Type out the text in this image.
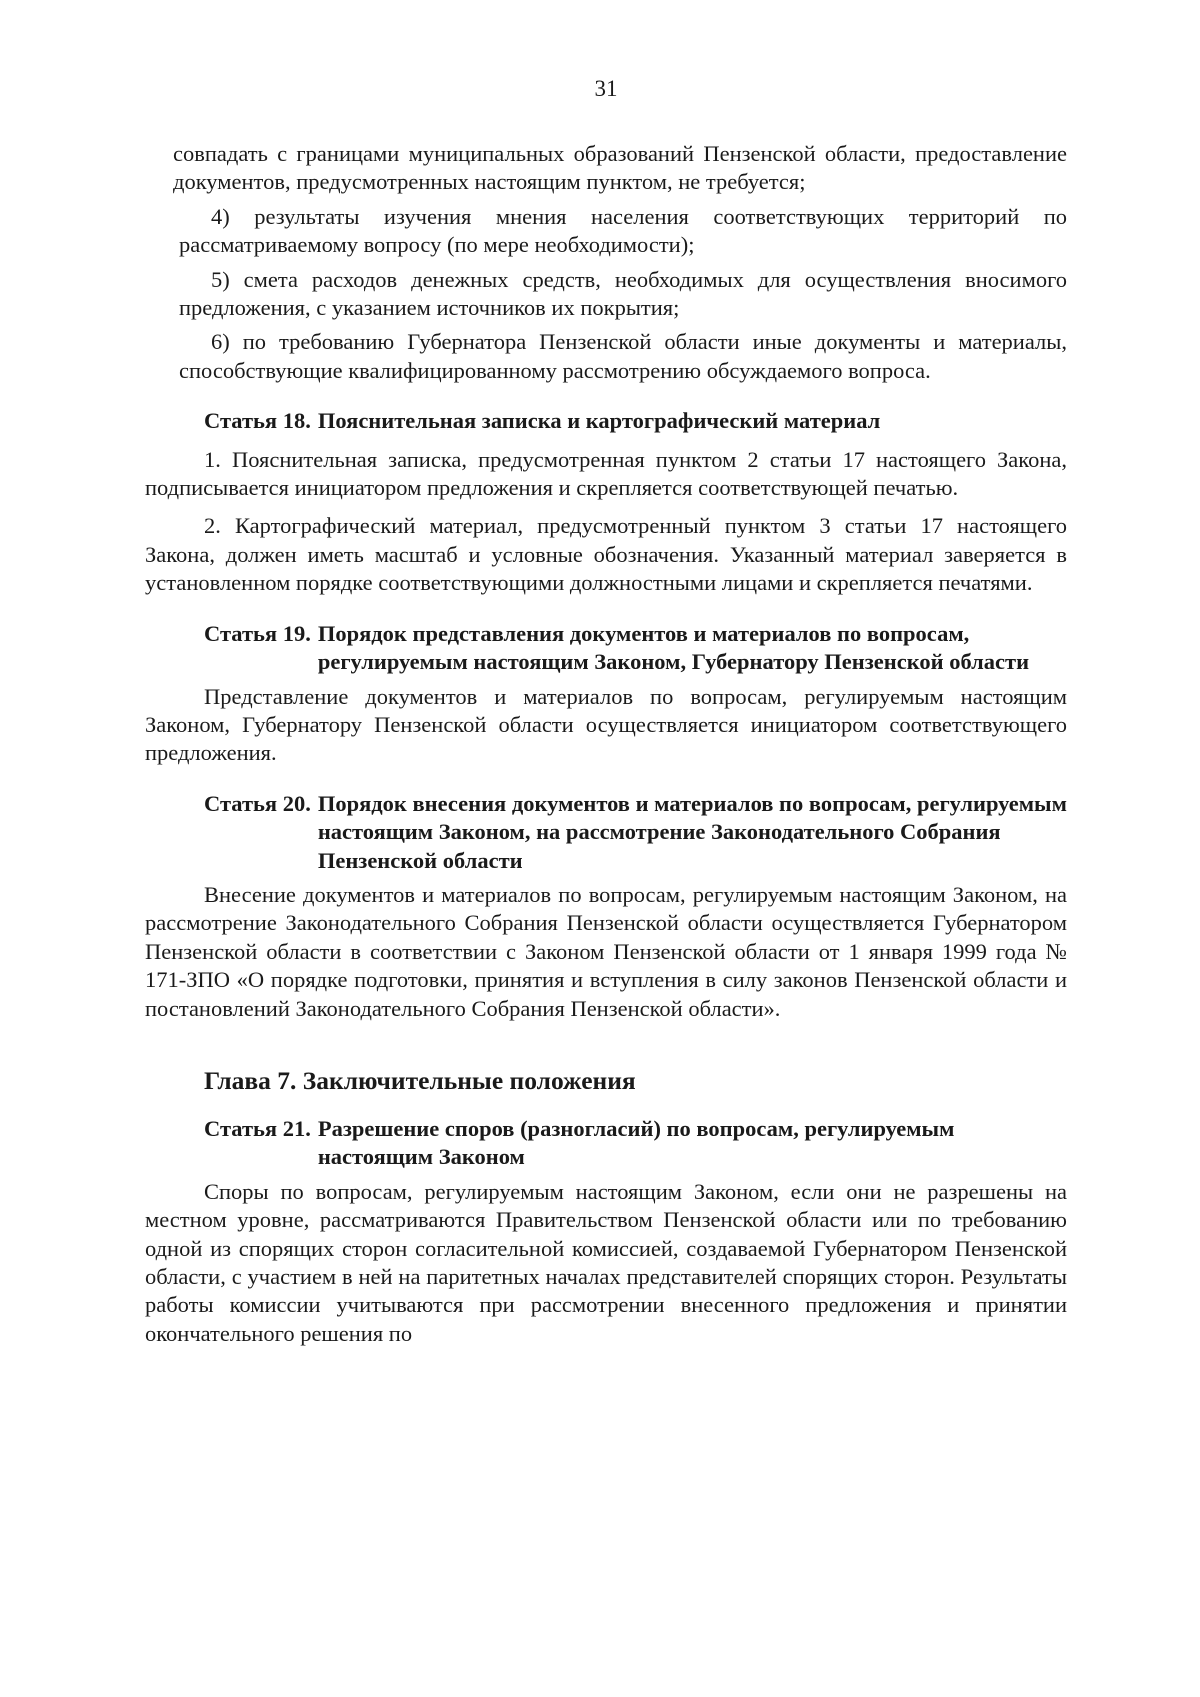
31

совпадать с границами муниципальных образований Пензенской области, предоставление документов, предусмотренных настоящим пунктом, не требуется;

4) результаты изучения мнения населения соответствующих территорий по рассматриваемому вопросу (по мере необходимости);

5) смета расходов денежных средств, необходимых для осуществления вносимого предложения, с указанием источников их покрытия;

6) по требованию Губернатора Пензенской области иные документы и материалы, способствующие квалифицированному рассмотрению обсуждаемого вопроса.

Статья 18. Пояснительная записка и картографический материал

1. Пояснительная записка, предусмотренная пунктом 2 статьи 17 настоящего Закона, подписывается инициатором предложения и скрепляется соответствующей печатью.

2. Картографический материал, предусмотренный пунктом 3 статьи 17 настоящего Закона, должен иметь масштаб и условные обозначения. Указанный материал заверяется в установленном порядке соответствующими должностными лицами и скрепляется печатями.

Статья 19. Порядок представления документов и материалов по вопросам, регулируемым настоящим Законом, Губернатору Пензенской области

Представление документов и материалов по вопросам, регулируемым настоящим Законом, Губернатору Пензенской области осуществляется инициатором соответствующего предложения.

Статья 20. Порядок внесения документов и материалов по вопросам, регулируемым настоящим Законом, на рассмотрение Законодательного Собрания Пензенской области

Внесение документов и материалов по вопросам, регулируемым настоящим Законом, на рассмотрение Законодательного Собрания Пензенской области осуществляется Губернатором Пензенской области в соответствии с Законом Пензенской области от 1 января 1999 года № 171-ЗПО «О порядке подготовки, принятия и вступления в силу законов Пензенской области и постановлений Законодательного Собрания Пензенской области».

Глава 7. Заключительные положения
Статья 21. Разрешение споров (разногласий) по вопросам, регулируемым настоящим Законом

Споры по вопросам, регулируемым настоящим Законом, если они не разрешены на местном уровне, рассматриваются Правительством Пензенской области или по требованию одной из спорящих сторон согласительной комиссией, создаваемой Губернатором Пензенской области, с участием в ней на паритетных началах представителей спорящих сторон. Результаты работы комиссии учитываются при рассмотрении внесенного предложения и принятии окончательного решения по
